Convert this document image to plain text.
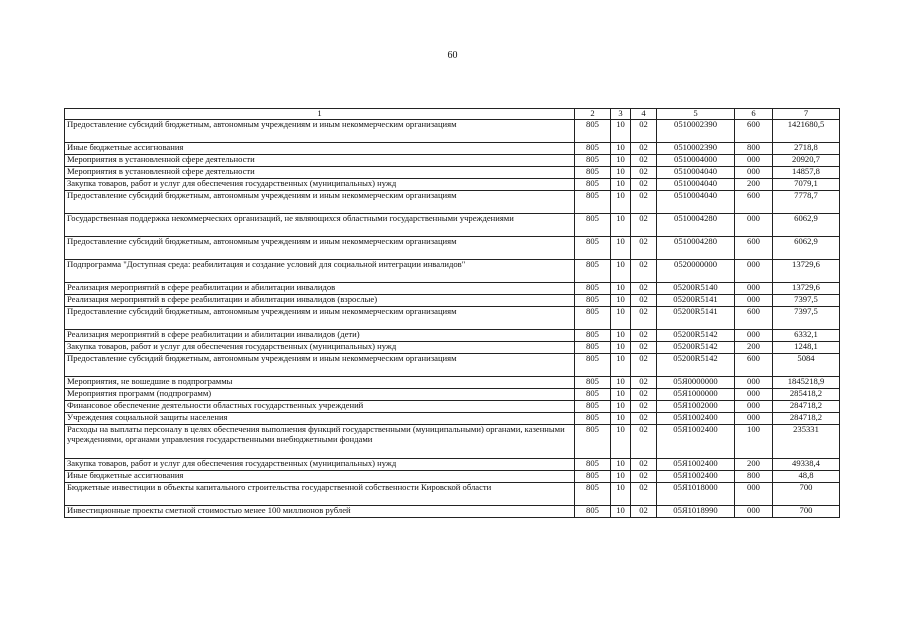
60
1	2	3	4	5	6	7
Предоставление субсидий бюджетным, автономным учреждениям и иным некоммерческим организациям	805	10	02	0510002390	600	1421680,5
Иные бюджетные ассигнования	805	10	02	0510002390	800	2718,8
Мероприятия в установленной сфере деятельности	805	10	02	0510004000	000	20920,7
Мероприятия в установленной сфере деятельности	805	10	02	0510004040	000	14857,8
Закупка товаров, работ и услуг для обеспечения государственных (муниципальных) нужд	805	10	02	0510004040	200	7079,1
Предоставление субсидий бюджетным, автономным учреждениям и иным некоммерческим организациям	805	10	02	0510004040	600	7778,7
Государственная поддержка некоммерческих организаций, не являющихся областными государственными учреждениями	805	10	02	0510004280	000	6062,9
Предоставление субсидий бюджетным, автономным учреждениям и иным некоммерческим организациям	805	10	02	0510004280	600	6062,9
Подпрограмма "Доступная среда: реабилитация и создание условий для социальной интеграции инвалидов"	805	10	02	0520000000	000	13729,6
Реализация мероприятий в сфере реабилитации и абилитации инвалидов	805	10	02	05200R5140	000	13729,6
Реализация мероприятий в сфере реабилитации и абилитации инвалидов (взрослые)	805	10	02	05200R5141	000	7397,5
Предоставление субсидий бюджетным, автономным учреждениям и иным некоммерческим организациям	805	10	02	05200R5141	600	7397,5
Реализация мероприятий в сфере реабилитации и абилитации инвалидов (дети)	805	10	02	05200R5142	000	6332,1
Закупка товаров, работ и услуг для обеспечения государственных (муниципальных) нужд	805	10	02	05200R5142	200	1248,1
Предоставление субсидий бюджетным, автономным учреждениям и иным некоммерческим организациям	805	10	02	05200R5142	600	5084
Мероприятия, не вошедшие в подпрограммы	805	10	02	05Я0000000	000	1845218,9
Мероприятия программ (подпрограмм)	805	10	02	05Я1000000	000	285418,2
Финансовое обеспечение деятельности областных государственных учреждений	805	10	02	05Я1002000	000	284718,2
Учреждения социальной защиты населения	805	10	02	05Я1002400	000	284718,2
Расходы на выплаты персоналу в целях обеспечения выполнения функций государственными (муниципальными) органами, казенными учреждениями, органами управления государственными внебюджетными фондами	805	10	02	05Я1002400	100	235331
Закупка товаров, работ и услуг для обеспечения государственных (муниципальных) нужд	805	10	02	05Я1002400	200	49338,4
Иные бюджетные ассигнования	805	10	02	05Я1002400	800	48,8
Бюджетные инвестиции в объекты капитального строительства государственной собственности Кировской области	805	10	02	05Я1018000	000	700
Инвестиционные проекты сметной стоимостью менее 100 миллионов рублей	805	10	02	05Я1018990	000	700
